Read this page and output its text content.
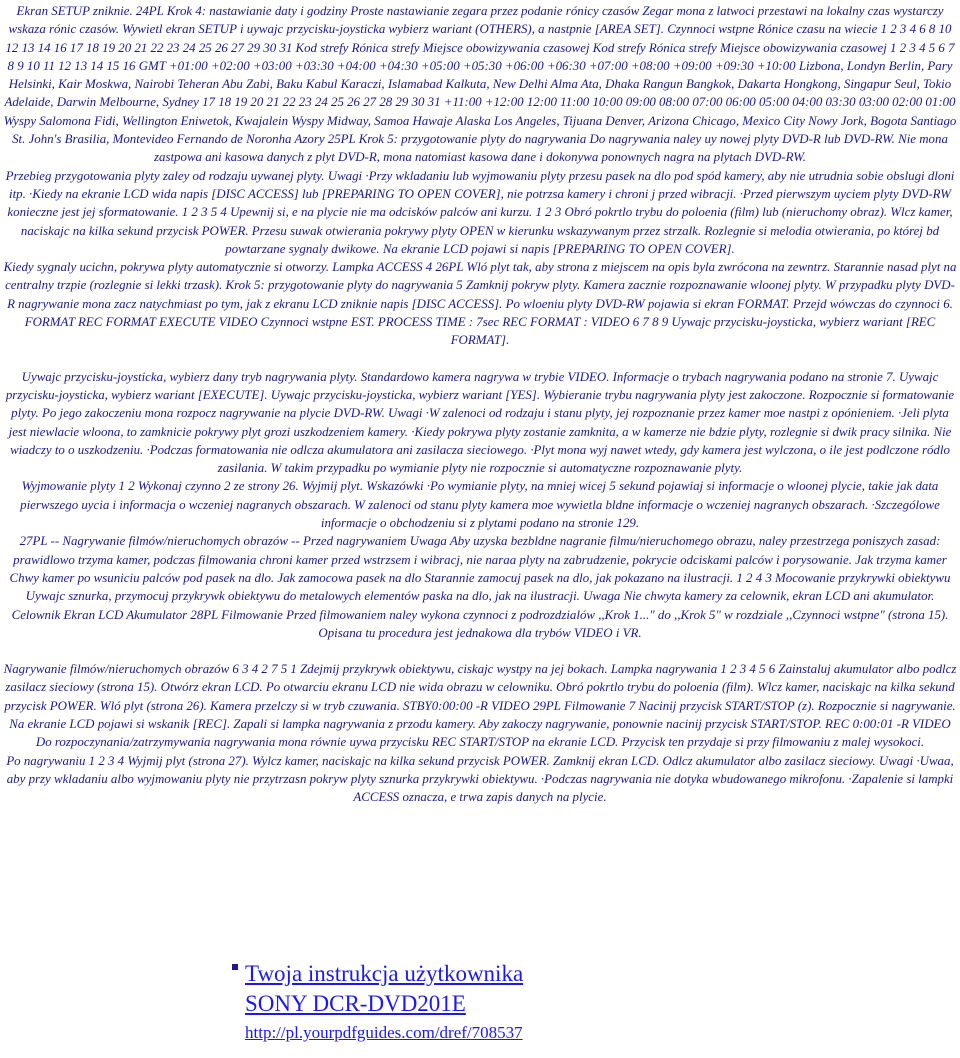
Ekran SETUP zniknie. 24PL Krok 4: nastawianie daty i godziny Proste nastawianie zegara przez podanie rónicy czasów Zegar mona z latwoci przestawi na lokalny czas wystarczy wskaza rónic czasów. Wywietl ekran SETUP i uywajc przycisku-joysticka wybierz wariant (OTHERS), a nastpnie [AREA SET]. Czynnoci wstpne Rónice czasu na wiecie 1 2 3 4 6 8 10 12 13 14 16 17 18 19 20 21 22 23 24 25 26 27 29 30 31 Kod strefy Rónica strefy Miejsce obowizywania czasowej Kod strefy Rónica strefy Miejsce obowizywania czasowej 1 2 3 4 5 6 7 8 9 10 11 12 13 14 15 16 GMT +01:00 +02:00 +03:00 +03:30 +04:00 +04:30 +05:00 +05:30 +06:00 +06:30 +07:00 +08:00 +09:00 +09:30 +10:00 Lizbona, Londyn Berlin, Pary Helsinki, Kair Moskwa, Nairobi Teheran Abu Zabi, Baku Kabul Karaczi, Islamabad Kalkuta, New Delhi Alma Ata, Dhaka Rangun Bangkok, Dakarta Hongkong, Singapur Seul, Tokio Adelaide, Darwin Melbourne, Sydney 17 18 19 20 21 22 23 24 25 26 27 28 29 30 31 +11:00 +12:00 12:00 11:00 10:00 09:00 08:00 07:00 06:00 05:00 04:00 03:30 03:00 02:00 01:00 Wyspy Salomona Fidi, Wellington Eniwetok, Kwajalein Wyspy Midway, Samoa Hawaje Alaska Los Angeles, Tijuana Denver, Arizona Chicago, Mexico City Nowy Jork, Bogota Santiago St. John's Brasilia, Montevideo Fernando de Noronha Azory 25PL Krok 5: przygotowanie plyty do nagrywania Do nagrywania naley uy nowej plyty DVD-R lub DVD-RW. Nie mona zastpowa ani kasowa danych z plyt DVD-R, mona natomiast kasowa dane i dokonywa ponownych nagra na plytach DVD-RW.

Przebieg przygotowania plyty zaley od rodzaju uywanej plyty. Uwagi ·Przy wkladaniu lub wyjmowaniu plyty przesu pasek na dlo pod spód kamery, aby nie utrudnia sobie obslugi dloni itp. ·Kiedy na ekranie LCD wida napis [DISC ACCESS] lub [PREPARING TO OPEN COVER], nie potrzsa kamery i chroni j przed wibracji. ·Przed pierwszym uyciem plyty DVD-RW konieczne jest jej sformatowanie. 1 2 3 5 4 Upewnij si, e na plycie nie ma odcisków palców ani kurzu. 1 2 3 Obró pokrtlo trybu do poloenia (film) lub (nieruchomy obraz). Wlcz kamer, naciskajc na kilka sekund przycisk POWER. Przesu suwak otwierania pokrywy plyty OPEN w kierunku wskazywanym przez strzalk. Rozlegnie si melodia otwierania, po której bd powtarzane sygnaly dwikowe. Na ekranie LCD pojawi si napis [PREPARING TO OPEN COVER].

Kiedy sygnaly ucichn, pokrywa plyty automatycznie si otworzy. Lampka ACCESS 4 26PL Wló plyt tak, aby strona z miejscem na opis byla zwrócona na zewntrz. Starannie nasad plyt na centralny trzpie (rozlegnie si lekki trzask). Krok 5: przygotowanie plyty do nagrywania 5 Zamknij pokryw plyty. Kamera zacznie rozpoznawanie wloonej plyty. W przypadku plyty DVD-R nagrywanie mona zacz natychmiast po tym, jak z ekranu LCD zniknie napis [DISC ACCESS]. Po wloeniu plyty DVD-RW pojawia si ekran FORMAT. Przejd wówczas do czynnoci 6. FORMAT REC FORMAT EXECUTE VIDEO Czynnoci wstpne EST. PROCESS TIME : 7sec REC FORMAT : VIDEO 6 7 8 9 Uywajc przycisku-joysticka, wybierz wariant [REC FORMAT].

Uywajc przycisku-joysticka, wybierz dany tryb nagrywania plyty. Standardowo kamera nagrywa w trybie VIDEO. Informacje o trybach nagrywania podano na stronie 7. Uywajc przycisku-joysticka, wybierz wariant [EXECUTE]. Uywajc przycisku-joysticka, wybierz wariant [YES]. Wybieranie trybu nagrywania plyty jest zakoczone. Rozpocznie si formatowanie plyty. Po jego zakoczeniu mona rozpocz nagrywanie na plycie DVD-RW. Uwagi ·W zalenoci od rodzaju i stanu plyty, jej rozpoznanie przez kamer moe nastpi z opónieniem. ·Jeli plyta jest niewlacie wloona, to zamknicie pokrywy plyt grozi uszkodzeniem kamery. ·Kiedy pokrywa plyty zostanie zamknita, a w kamerze nie bdzie plyty, rozlegnie si dwik pracy silnika. Nie wiadczy to o uszkodzeniu. ·Podczas formatowania nie odlcza akumulatora ani zasilacza sieciowego. ·Plyt mona wyj nawet wtedy, gdy kamera jest wylczona, o ile jest podlczone ródlo zasilania. W takim przypadku po wymianie plyty nie rozpocznie si automatyczne rozpoznawanie plyty.

Wyjmowanie plyty 1 2 Wykonaj czynno 2 ze strony 26. Wyjmij plyt. Wskazówki ·Po wymianie plyty, na mniej wicej 5 sekund pojawiaj si informacje o wloonej plycie, takie jak data pierwszego uycia i informacja o wczeniej nagranych obszarach. W zalenoci od stanu plyty kamera moe wywietla bldne informacje o wczeniej nagranych obszarach. ·Szczególowe informacje o obchodzeniu si z plytami podano na stronie 129.

27PL -- Nagrywanie filmów/nieruchomych obrazów -- Przed nagrywaniem Uwaga Aby uzyska bezbldne nagranie filmu/nieruchomego obrazu, naley przestrzega poniszych zasad: prawidlowo trzyma kamer, podczas filmowania chroni kamer przed wstrzsem i wibracj, nie naraa plyty na zabrudzenie, pokrycie odciskami palców i porysowanie. Jak trzyma kamer Chwy kamer po wsuniciu palców pod pasek na dlo. Jak zamocowa pasek na dlo Starannie zamocuj pasek na dlo, jak pokazano na ilustracji. 1 2 4 3 Mocowanie przykrywki obiektywu Uywajc sznurka, przymocuj przykrywk obiektywu do metalowych elementów paska na dlo, jak na ilustracji. Uwaga Nie chwyta kamery za celownik, ekran LCD ani akumulator. Celownik Ekran LCD Akumulator 28PL Filmowanie Przed filmowaniem naley wykona czynnoci z podrozdzialów ,,Krok 1..." do ,,Krok 5" w rozdziale ,,Czynnoci wstpne" (strona 15). Opisana tu procedura jest jednakowa dla trybów VIDEO i VR.

Nagrywanie filmów/nieruchomych obrazów 6 3 4 2 7 5 1 Zdejmij przykrywk obiektywu, ciskajc wystpy na jej bokach. Lampka nagrywania 1 2 3 4 5 6 Zainstaluj akumulator albo podlcz zasilacz sieciowy (strona 15). Otwórz ekran LCD. Po otwarciu ekranu LCD nie wida obrazu w celowniku. Obró pokrtlo trybu do poloenia (film). Wlcz kamer, naciskajc na kilka sekund przycisk POWER. Wló plyt (strona 26). Kamera przelczy si w tryb czuwania. STBY0:00:00 -R VIDEO 29PL Filmowanie 7 Nacinij przycisk START/STOP (z). Rozpocznie si nagrywanie.

Na ekranie LCD pojawi si wskanik [REC]. Zapali si lampka nagrywania z przodu kamery. Aby zakoczy nagrywanie, ponownie nacinij przycisk START/STOP. REC 0:00:01 -R VIDEO Do rozpoczynania/zatrzymywania nagrywania mona równie uywa przycisku REC START/STOP na ekranie LCD. Przycisk ten przydaje si przy filmowaniu z malej wysokoci.

Po nagrywaniu 1 2 3 4 Wyjmij plyt (strona 27). Wylcz kamer, naciskajc na kilka sekund przycisk POWER. Zamknij ekran LCD. Odlcz akumulator albo zasilacz sieciowy. Uwagi ·Uwaa, aby przy wkladaniu albo wyjmowaniu plyty nie przytrzasn pokryw plyty sznurka przykrywki obiektywu. ·Podczas nagrywania nie dotyka wbudowanego mikrofonu. ·Zapalenie si lampki ACCESS oznacza, e trwa zapis danych na plycie.

Twoja instrukcja użytkownika
SONY DCR-DVD201E
http://pl.yourpdfguides.com/dref/708537
